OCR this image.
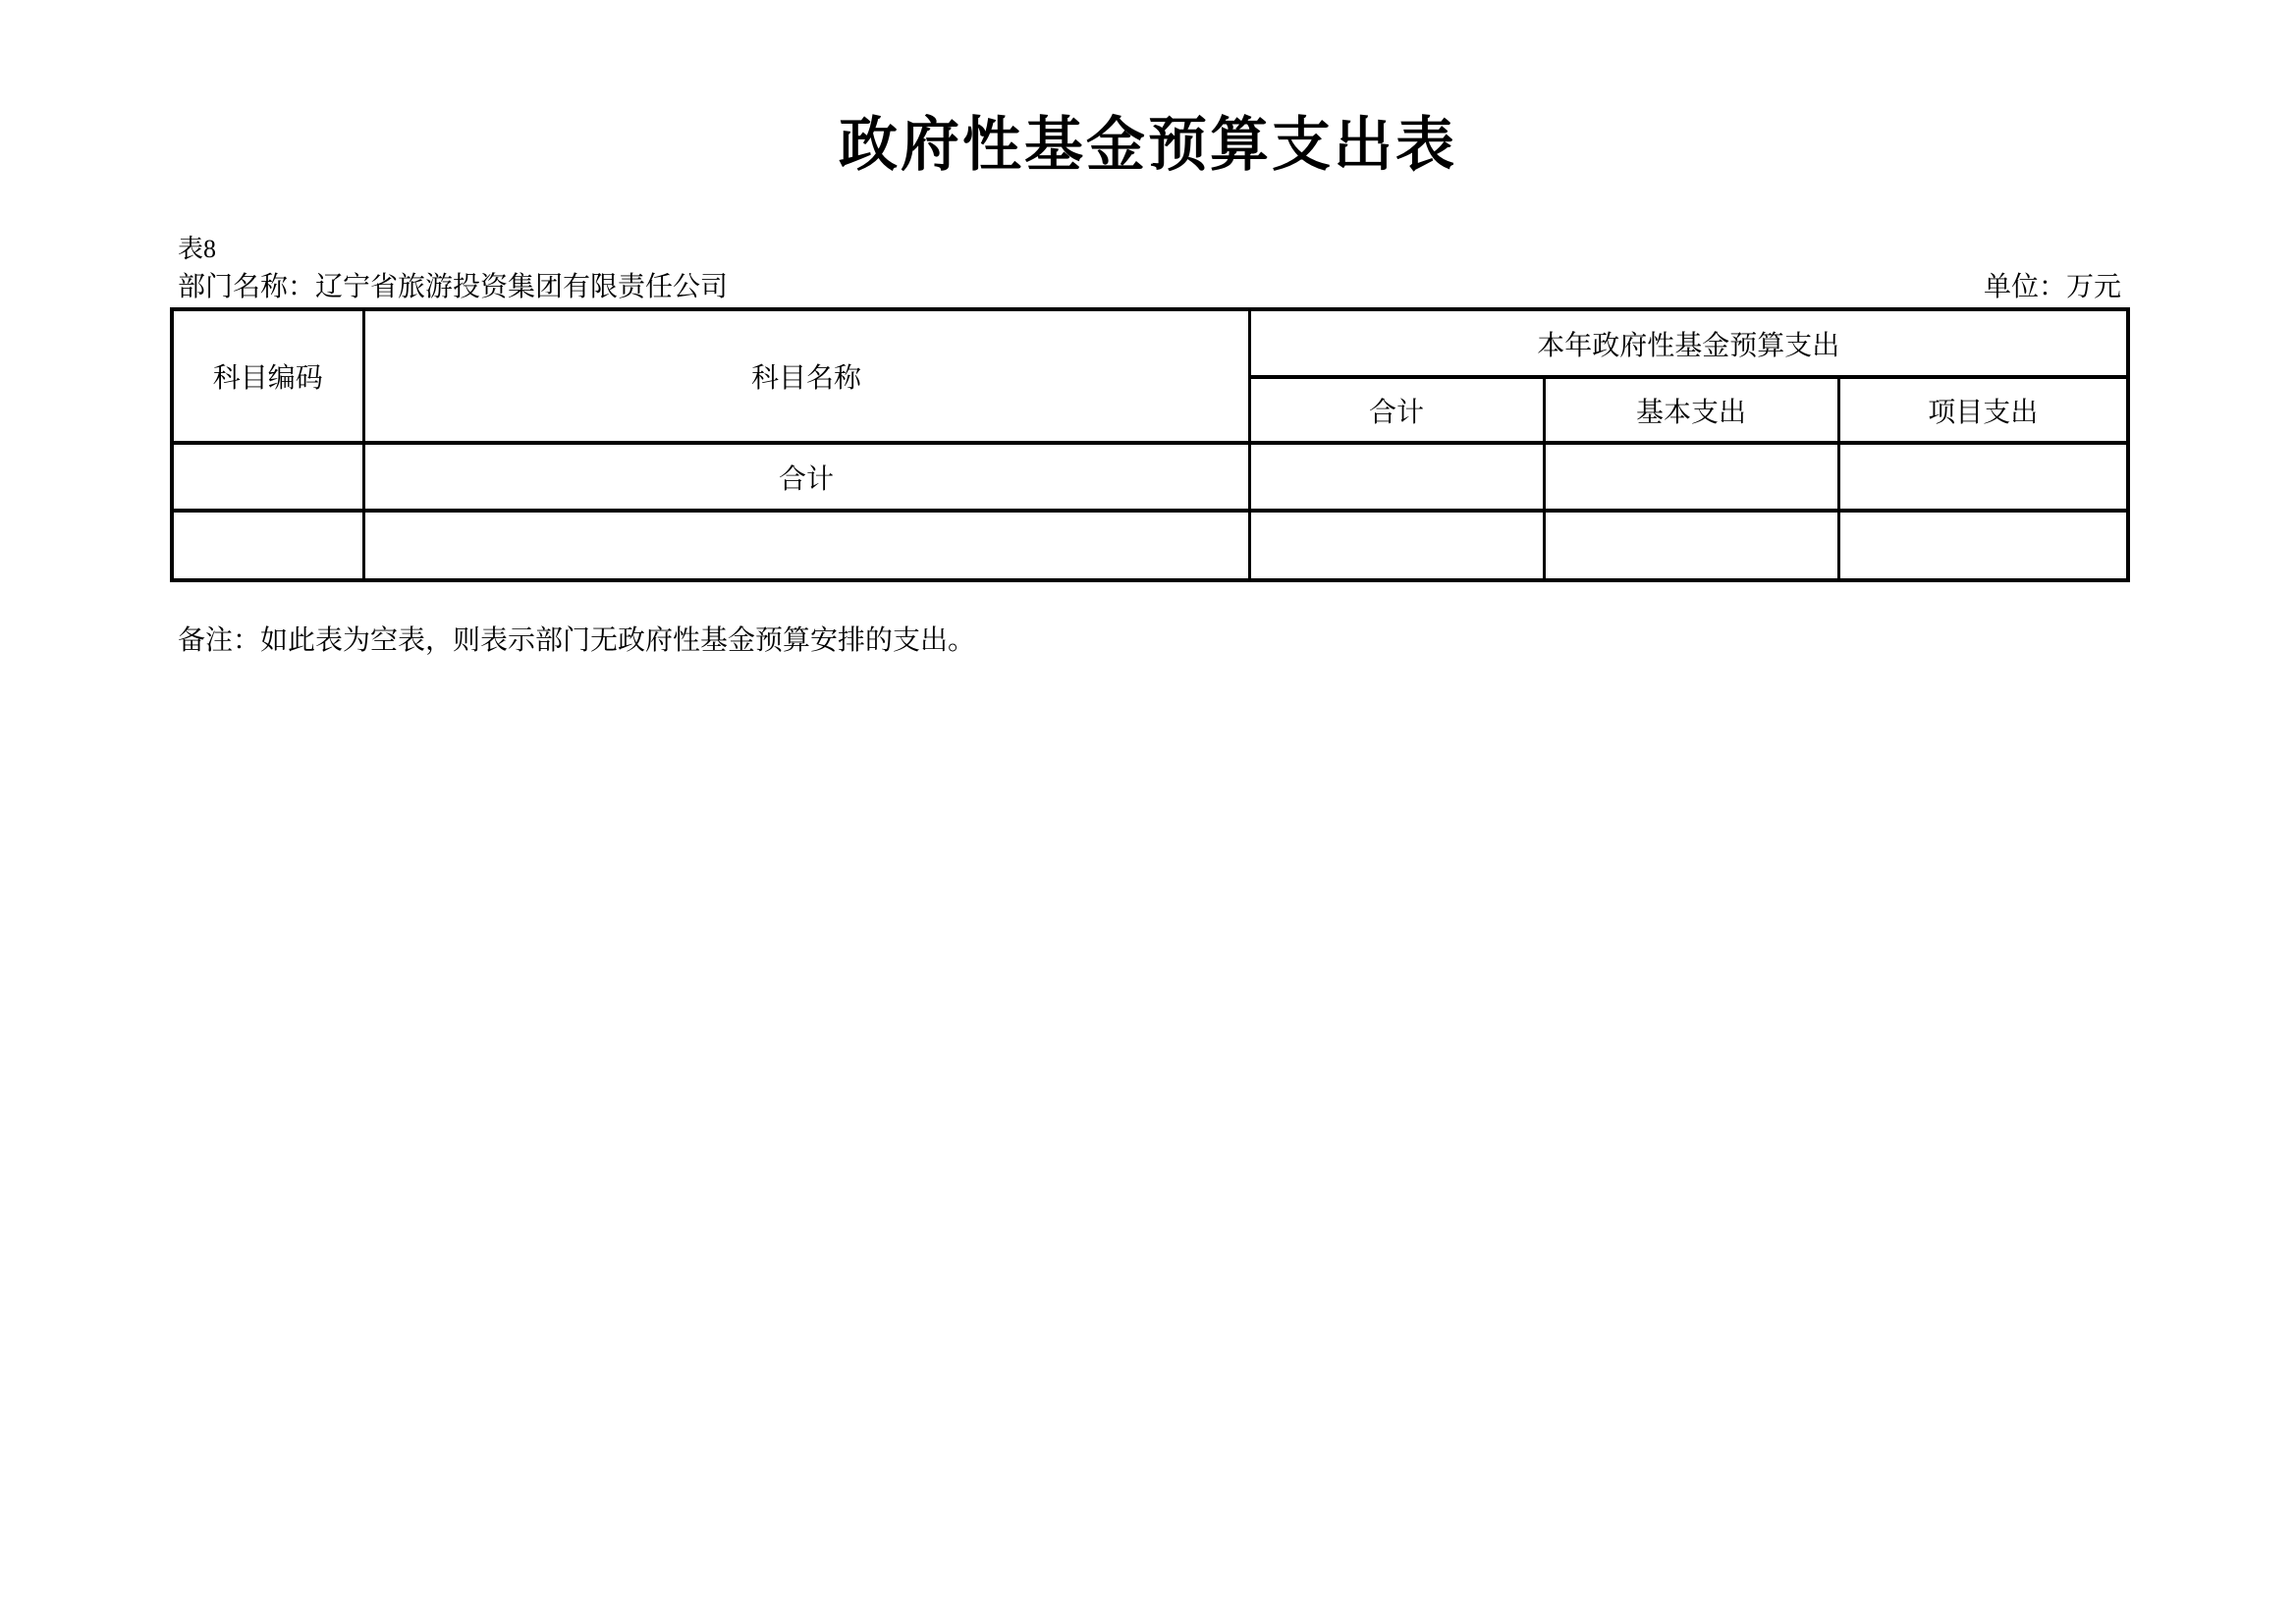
政府性基金预算支出表
表8
部门名称：辽宁省旅游投资集团有限责任公司	单位：万元
科目编码	科目名称	本年政府性基金预算支出		
		合计	基本支出	项目支出
	合计			

备注：如此表为空表，则表示部门无政府性基金预算安排的支出。
